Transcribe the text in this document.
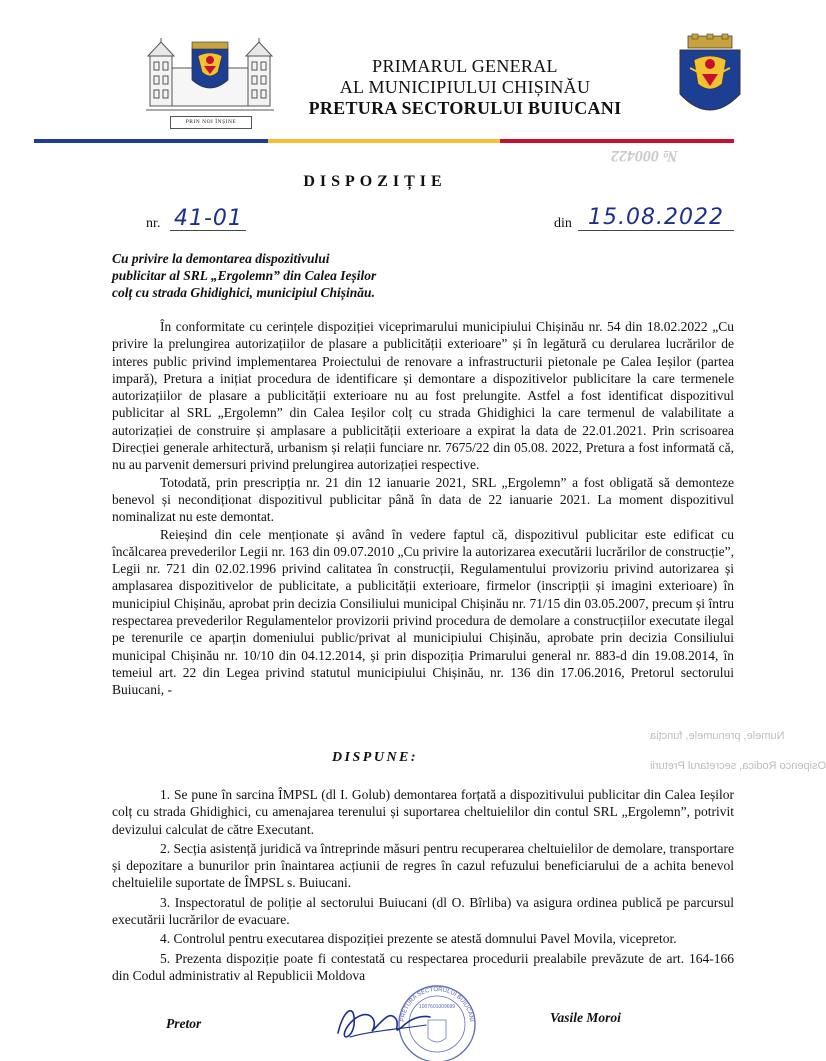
PRIN NOI ÎNȘINE
PRIMARUL GENERAL
AL MUNICIPIULUI CHIȘINĂU
PRETURA SECTORULUI BUIUCANI
№ 000422
DISPOZIȚIE
nr. 41-01	din 15.08.2022
Cu privire la demontarea dispozitivului
publicitar al SRL „Ergolemn” din Calea Ieșilor
colț cu strada Ghidighici, municipiul Chișinău.
Numele, prenumele, funcția
Osipenco Rodica, secretarul Preturii

În conformitate cu cerințele dispoziției viceprimarului municipiului Chișinău nr. 54 din 18.02.2022 „Cu privire la prelungirea autorizațiilor de plasare a publicității exterioare” și în legătură cu derularea lucrărilor de interes public privind implementarea Proiectului de renovare a infrastructurii pietonale pe Calea Ieșilor (partea impară), Pretura a inițiat procedura de identificare și demontare a dispozitivelor publicitare la care termenele autorizațiilor de plasare a publicității exterioare nu au fost prelungite. Astfel a fost identificat dispozitivul publicitar al SRL „Ergolemn” din Calea Ieșilor colț cu strada Ghidighici la care termenul de valabilitate a autorizației de construire și amplasare a publicității exterioare a expirat la data de 22.01.2021. Prin scrisoarea Direcției generale arhitectură, urbanism și relații funciare nr. 7675/22 din 05.08. 2022, Pretura a fost informată că, nu au parvenit demersuri privind prelungirea autorizației respective.

Totodată, prin prescripția nr. 21 din 12 ianuarie 2021, SRL „Ergolemn” a fost obligată să demonteze benevol și necondiționat dispozitivul publicitar până în data de 22 ianuarie 2021. La moment dispozitivul nominalizat nu este demontat.

Reieșind din cele menționate și având în vedere faptul că, dispozitivul publicitar este edificat cu încălcarea prevederilor Legii nr. 163 din 09.07.2010 „Cu privire la autorizarea executării lucrărilor de construcție”, Legii nr. 721 din 02.02.1996 privind calitatea în construcții, Regulamentului provizoriu privind autorizarea și amplasarea dispozitivelor de publicitate, a publicității exterioare, firmelor (inscripții și imagini exterioare) în municipiul Chișinău, aprobat prin decizia Consiliului municipal Chișinău nr. 71/15 din 03.05.2007, precum și întru respectarea prevederilor Regulamentelor provizorii privind procedura de demolare a construcțiilor executate ilegal pe terenurile ce aparțin domeniului public/privat al municipiului Chișinău, aprobate prin decizia Consiliului municipal Chișinău nr. 10/10 din 04.12.2014, și prin dispoziția Primarului general nr. 883-d din 19.08.2014, în temeiul art. 22 din Legea privind statutul municipiului Chișinău, nr. 136 din 17.06.2016, Pretorul sectorului Buiucani, -

DISPUNE:

1. Se pune în sarcina ÎMPSL (dl I. Golub) demontarea forțată a dispozitivului publicitar din Calea Ieșilor colț cu strada Ghidighici, cu amenajarea terenului și suportarea cheltuielilor din contul SRL „Ergolemn”, potrivit devizului calculat de către Executant.

2. Secția asistență juridică va întreprinde măsuri pentru recuperarea cheltuielilor de demolare, transportare și depozitare a bunurilor prin înaintarea acțiunii de regres în cazul refuzului beneficiarului de a achita benevol cheltuielile suportate de ÎMPSL s. Buiucani.

3. Inspectoratul de poliție al sectorului Buiucani (dl O. Bîrliba) va asigura ordinea publică pe parcursul executării lucrărilor de evacuare.

4. Controlul pentru executarea dispoziției prezente se atestă domnului Pavel Movila, vicepretor.

5. Prezenta dispoziție poate fi contestată cu respectarea procedurii prealabile prevăzute de art. 164-166 din Codul administrativ al Republicii Moldova

Pretor	Vasile Moroi
PRETURA SECTORULUI BUIUCANI
1007601009699
